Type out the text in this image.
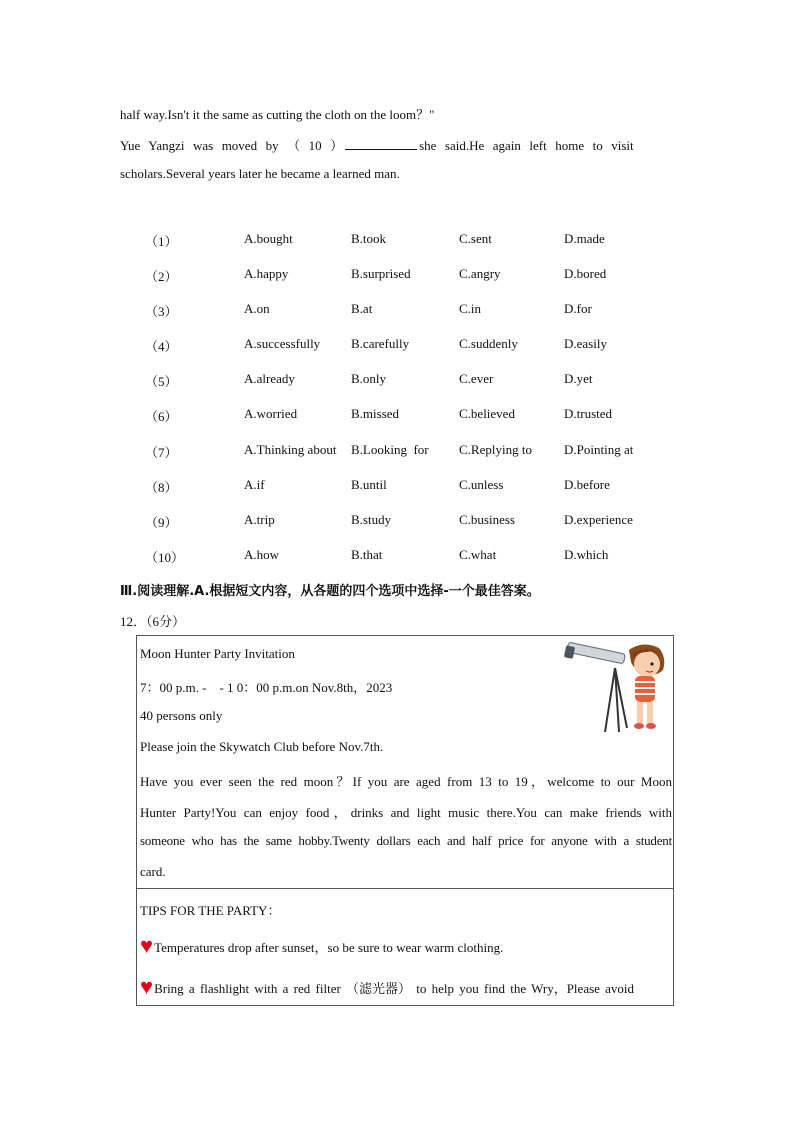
half way.Isn't it the same as cutting the cloth on the loom？"
Yue  Yangzi  was  moved  by  （  10  ）	she  said.He  again  left  home  to  visit
scholars.Several years later he became a learned man.
（1）	A.bought	B.took	C.sent	D.made
（2）	A.happy	B.surprised	C.angry	D.bored
（3）	A.on	B.at	C.in	D.for
（4）	A.successfully B.carefully	C.suddenly	D.easily
（5）	A.already	B.only	C.ever	D.yet
（6）	A.worried	B.missed	C.believed	D.trusted
（7）	A.Thinking about B.Looking  for C.Replying to D.Pointing at
（8）	A.if	B.until	C.unless	D.before
（9）	A.trip	B.study	C.business	D.experience
（10）	A.how	B.that	C.what	D.which
Ⅲ.阅读理解.A.根据短文内容，从各题的四个选项中选择-一个最佳答案。
12．（6分）
Moon Hunter Party Invitation
7：00 p.m. -　- 1 0：00 p.m.on Nov.8th，2023
40 persons only
Please join the Skywatch Club before Nov.7th.
Have you ever seen the red moon？If you are aged from 13 to 19，welcome to our Moon
Hunter Party!You can enjoy food，drinks and light music there.You can make friends with
someone who has the same hobby.Twenty dollars each and half price for anyone with a student
card.
TIPS FOR THE PARTY：
♥Temperatures drop after sunset，so be sure to wear warm clothing.
♥Bring a flashlight with a red filter （滤光器） to help you find the Wry，Please avoid
